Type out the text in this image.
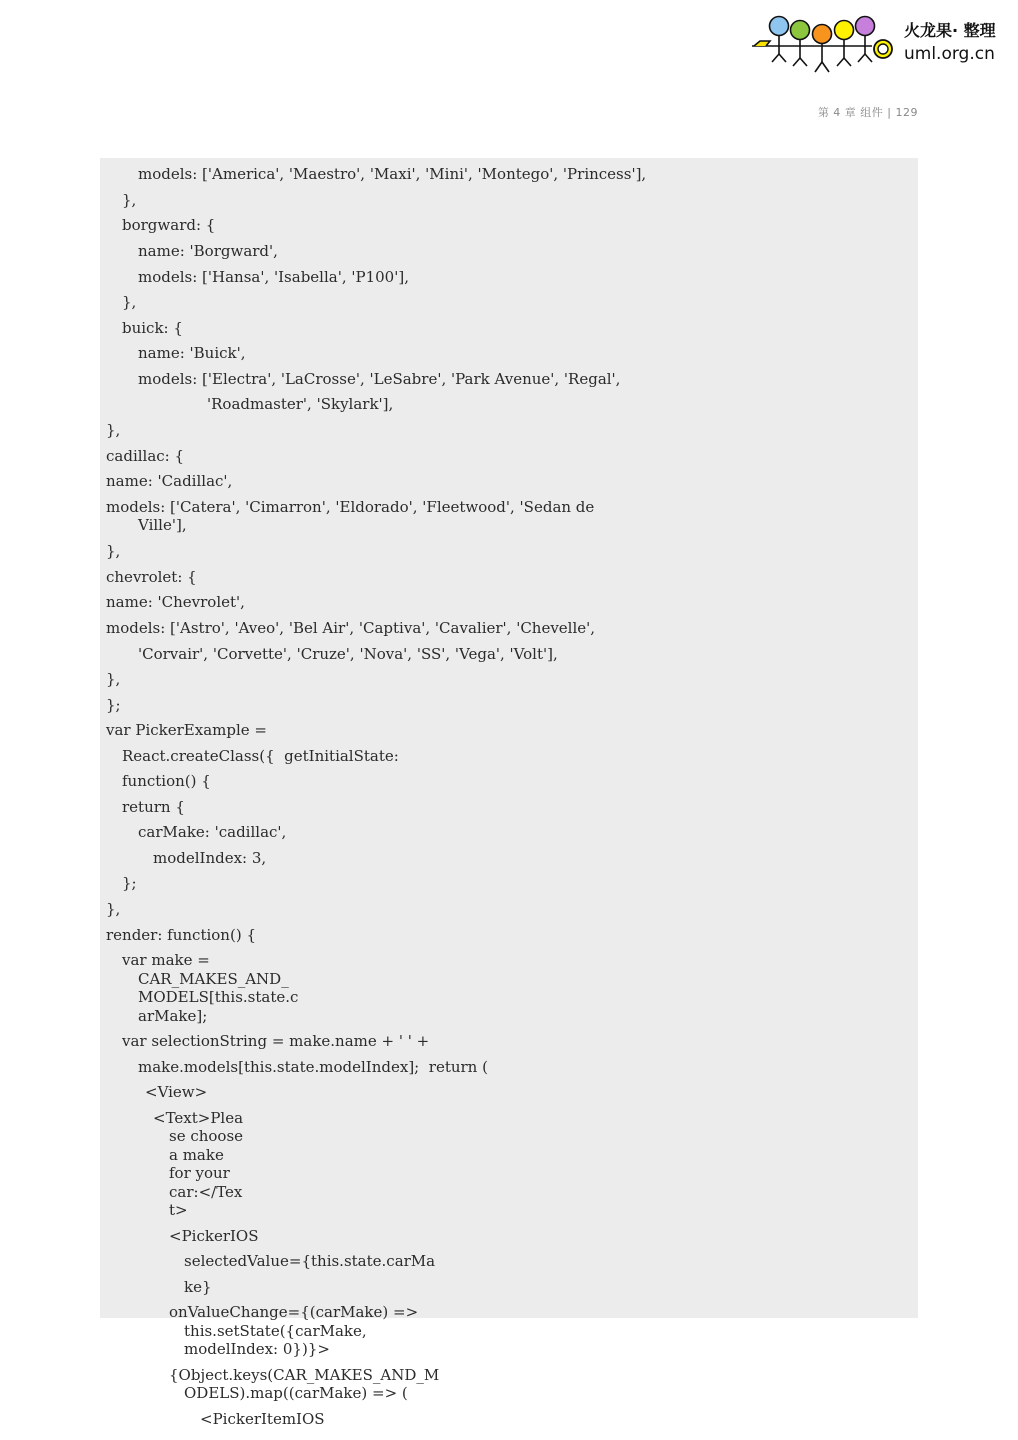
火龙果· 整理
uml.org.cn
第 4 章 组件 | 129
models: ['America', 'Maestro', 'Maxi', 'Mini', 'Montego', 'Princess'],
},
borgward: {
name: 'Borgward',
models: ['Hansa', 'Isabella', 'P100'],
},
buick: {
name: 'Buick',
models: ['Electra', 'LaCrosse', 'LeSabre', 'Park Avenue', 'Regal',
'Roadmaster', 'Skylark'],
},
cadillac: {
name: 'Cadillac',
models: ['Catera', 'Cimarron', 'Eldorado', 'Fleetwood', 'Sedan de
Ville'],
},
chevrolet: {
name: 'Chevrolet',
models: ['Astro', 'Aveo', 'Bel Air', 'Captiva', 'Cavalier', 'Chevelle',
'Corvair', 'Corvette', 'Cruze', 'Nova', 'SS', 'Vega', 'Volt'],
},
};
var PickerExample =
React.createClass({  getInitialState:
function() {
return {
carMake: 'cadillac',
modelIndex: 3,
};
},
render: function() {
var make =
CAR_MAKES_AND_
MODELS[this.state.c
arMake];
var selectionString = make.name + ' ' +
make.models[this.state.modelIndex];  return (
<View>
<Text>Plea
se choose
a make
for your
car:</Tex
t>
<PickerIOS
selectedValue={this.state.carMa
ke}
onValueChange={(carMake) =>
this.setState({carMake,
modelIndex: 0})}>
{Object.keys(CAR_MAKES_AND_M
ODELS).map((carMake) => (
<PickerItemIOS
